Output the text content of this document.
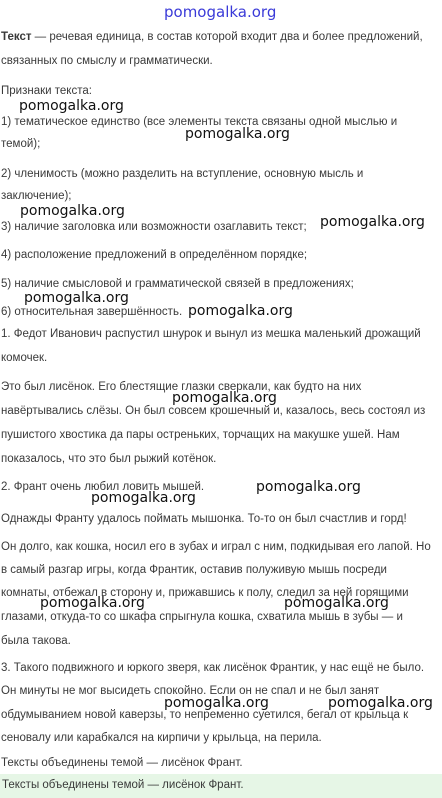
pomogalka.org
Текст — речевая единица, в состав которой входит два и более предложений,
связанных по смыслу и грамматически.
Признаки текста:
1) тематическое единство (все элементы текста связаны одной мыслью и
темой);
2) членимость (можно разделить на вступление, основную мысль и
заключение);
3) наличие заголовка или возможности озаглавить текст;
4) расположение предложений в определённом порядке;
5) наличие смысловой и грамматической связей в предложениях;
6) относительная завершённость.
1. Федот Иванович распустил шнурок и вынул из мешка маленький дрожащий
комочек.
Это был лисёнок. Его блестящие глазки сверкали, как будто на них
навёртывались слёзы. Он был совсем крошечный и, казалось, весь состоял из
пушистого хвостика да пары остреньких, торчащих на макушке ушей. Нам
показалось, что это был рыжий котёнок.
2. Франт очень любил ловить мышей.
Однажды Франту удалось поймать мышонка. То-то он был счастлив и горд!
Он долго, как кошка, носил его в зубах и играл с ним, подкидывая его лапой. Но
в самый разгар игры, когда Франтик, оставив полуживую мышь посреди
комнаты, отбежал в сторону и, прижавшись к полу, следил за ней горящими
глазами, откуда-то со шкафа спрыгнула кошка, схватила мышь в зубы — и
была такова.
3. Такого подвижного и юркого зверя, как лисёнок Франтик, у нас ещё не было.
Он минуты не мог высидеть спокойно. Если он не спал и не был занят
обдумыванием новой каверзы, то непременно суетился, бегал от крыльца к
сеновалу или карабкался на кирпичи у крыльца, на перила.
Тексты объединены темой — лисёнок Франт.
Тексты объединены темой — лисёнок Франт.
pomogalka.org
pomogalka.org
pomogalka.org
pomogalka.org
pomogalka.org
pomogalka.org
pomogalka.org
pomogalka.org
pomogalka.org
pomogalka.org	pomogalka.org
pomogalka.org	pomogalka.org
